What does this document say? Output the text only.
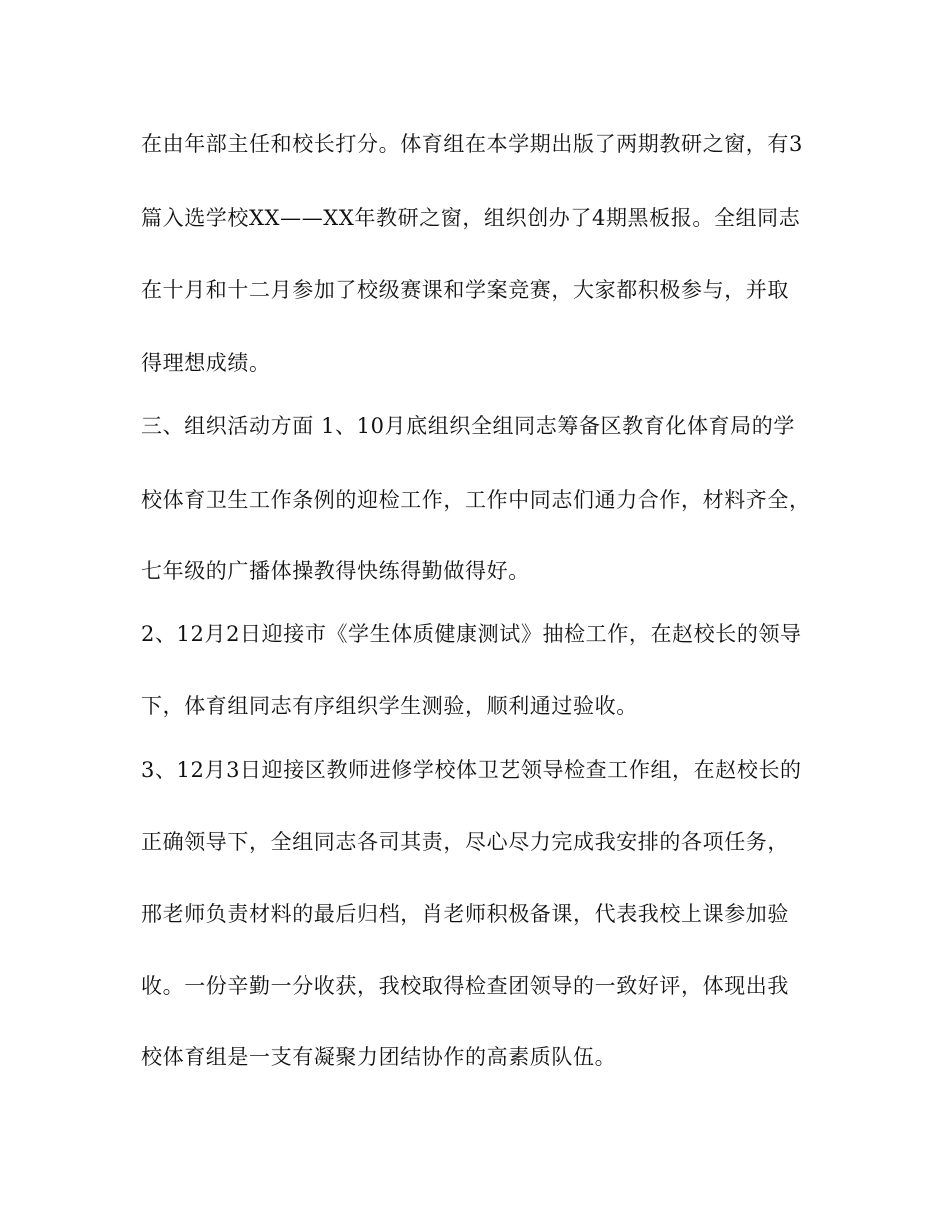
在由年部主任和校长打分。体育组在本学期出版了两期教研之窗，有3
篇入选学校XX——XX年教研之窗，组织创办了4期黑板报。全组同志
在十月和十二月参加了校级赛课和学案竞赛，大家都积极参与，并取
得理想成绩。
三、组织活动方面 1、10月底组织全组同志筹备区教育化体育局的学
校体育卫生工作条例的迎检工作，工作中同志们通力合作，材料齐全，
七年级的广播体操教得快练得勤做得好。
2、12月2日迎接市《学生体质健康测试》抽检工作，在赵校长的领导
下，体育组同志有序组织学生测验，顺利通过验收。
3、12月3日迎接区教师进修学校体卫艺领导检查工作组，在赵校长的
正确领导下，全组同志各司其责，尽心尽力完成我安排的各项任务，
邢老师负责材料的最后归档，肖老师积极备课，代表我校上课参加验
收。一份辛勤一分收获，我校取得检查团领导的一致好评，体现出我
校体育组是一支有凝聚力团结协作的高素质队伍。
